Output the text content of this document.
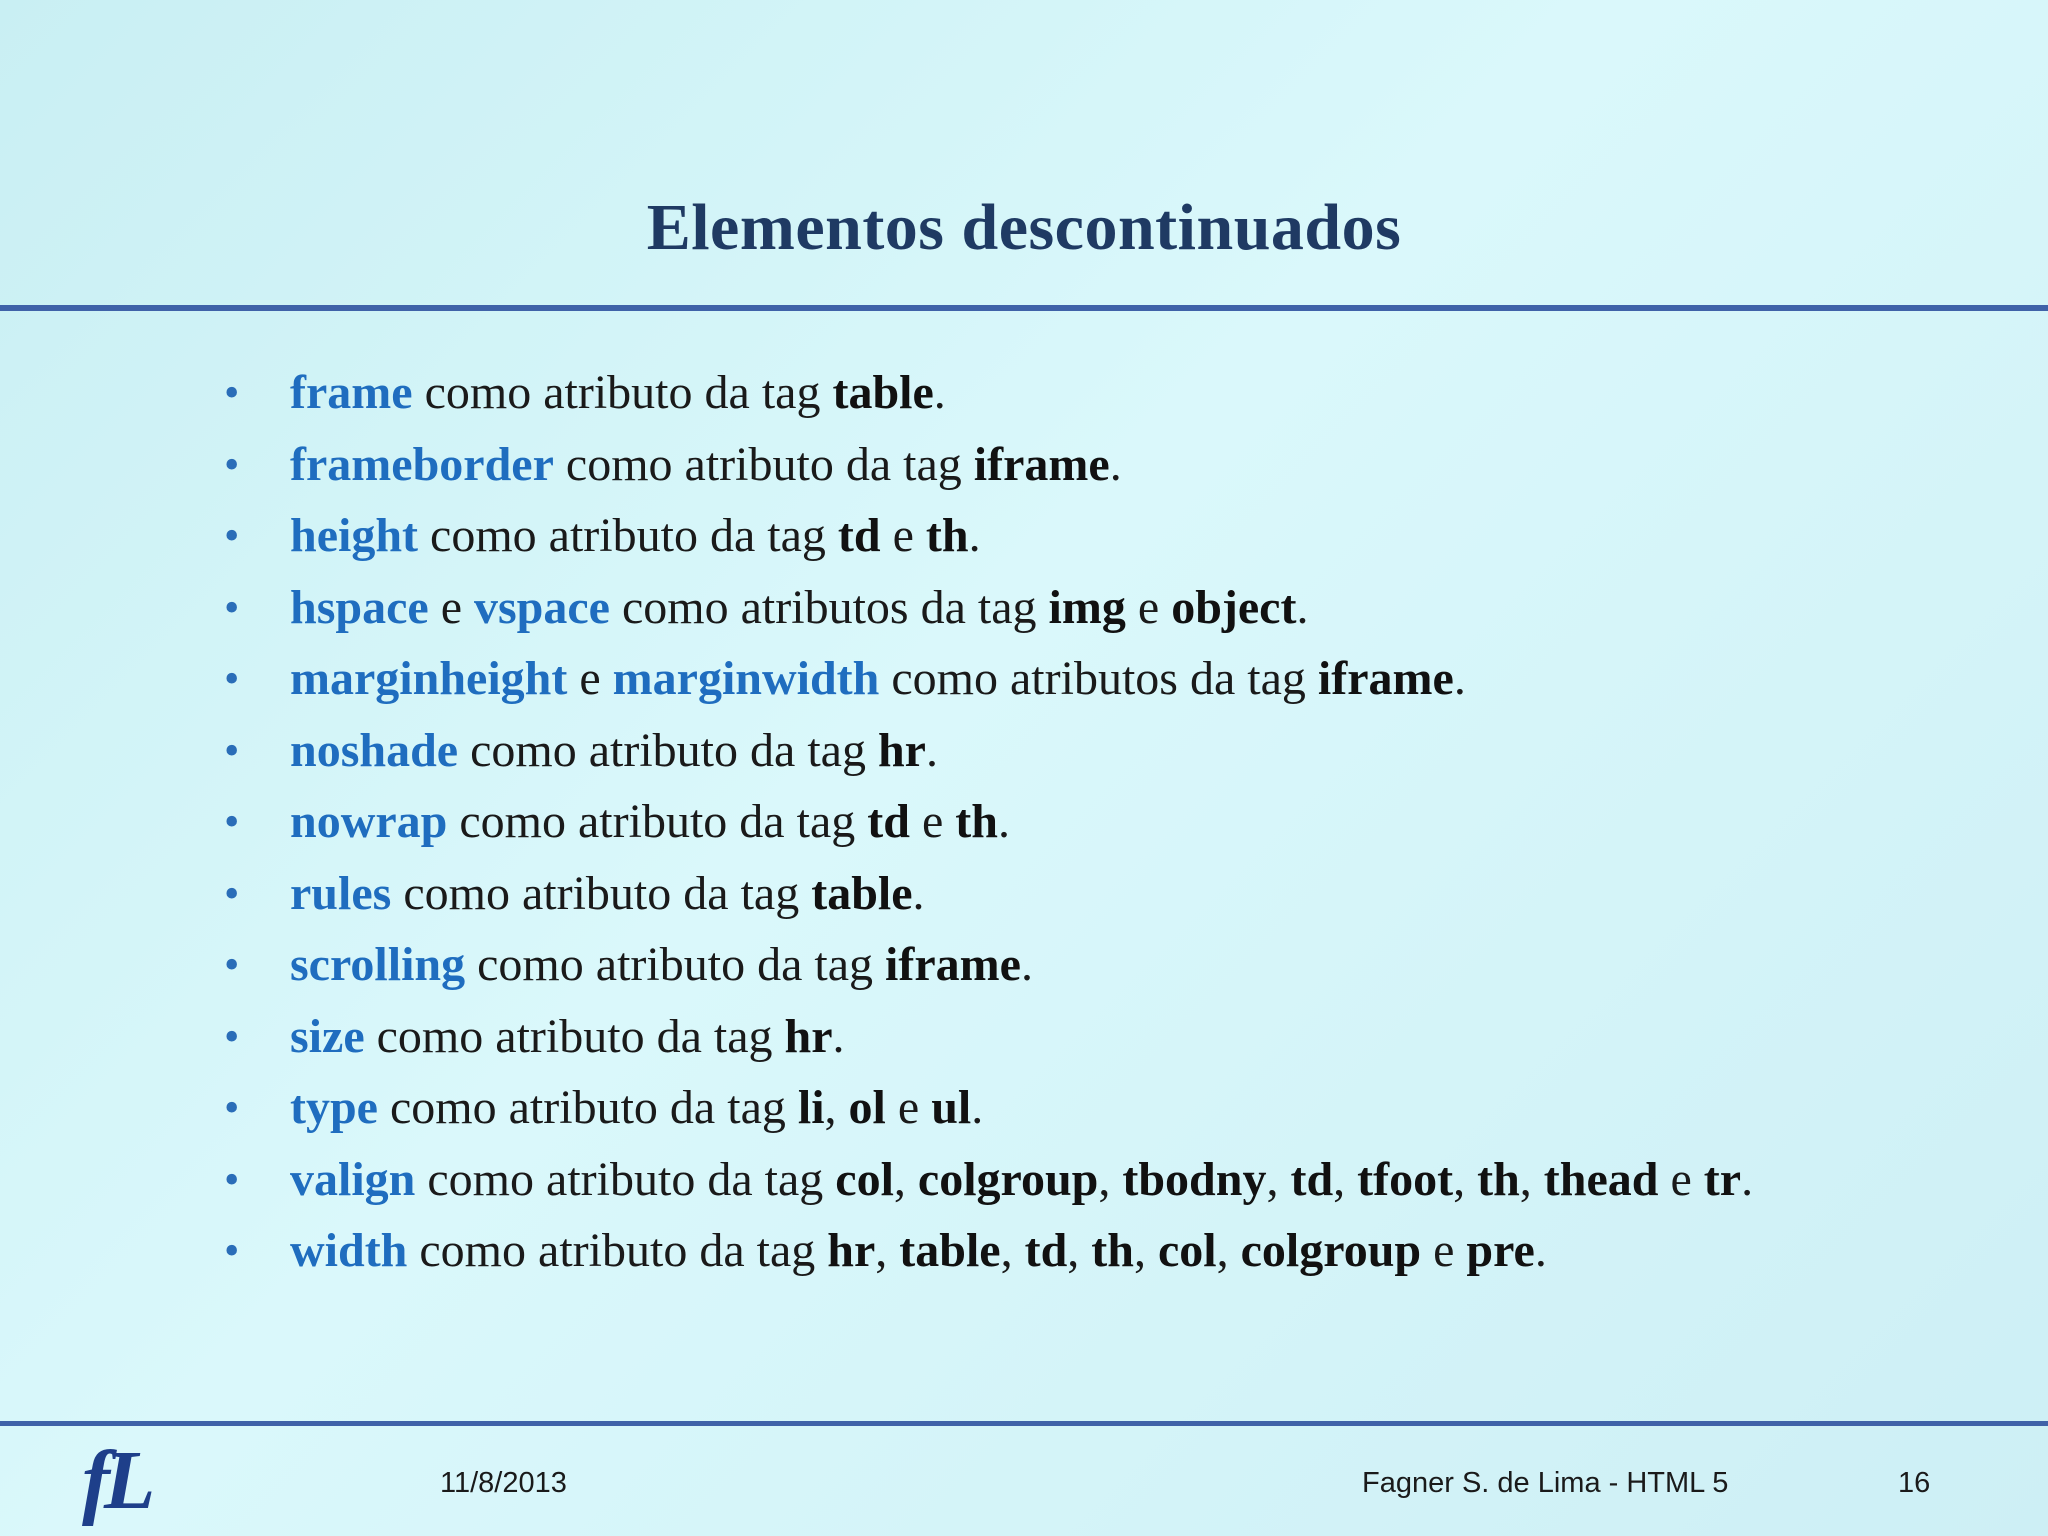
Elementos descontinuados
• frame como atributo da tag table.
• frameborder como atributo da tag iframe.
• height como atributo da tag td e th.
• hspace e vspace como atributos da tag img e object.
• marginheight e marginwidth como atributos da tag iframe.
• noshade como atributo da tag hr.
• nowrap como atributo da tag td e th.
• rules como atributo da tag table.
• scrolling como atributo da tag iframe.
• size como atributo da tag hr.
• type como atributo da tag li, ol e ul.
• valign como atributo da tag col, colgroup, tbodny, td, tfoot, th, thead e tr.
• width como atributo da tag hr, table, td, th, col, colgroup e pre.
fL	11/8/2013	Fagner S. de Lima - HTML 5	16
